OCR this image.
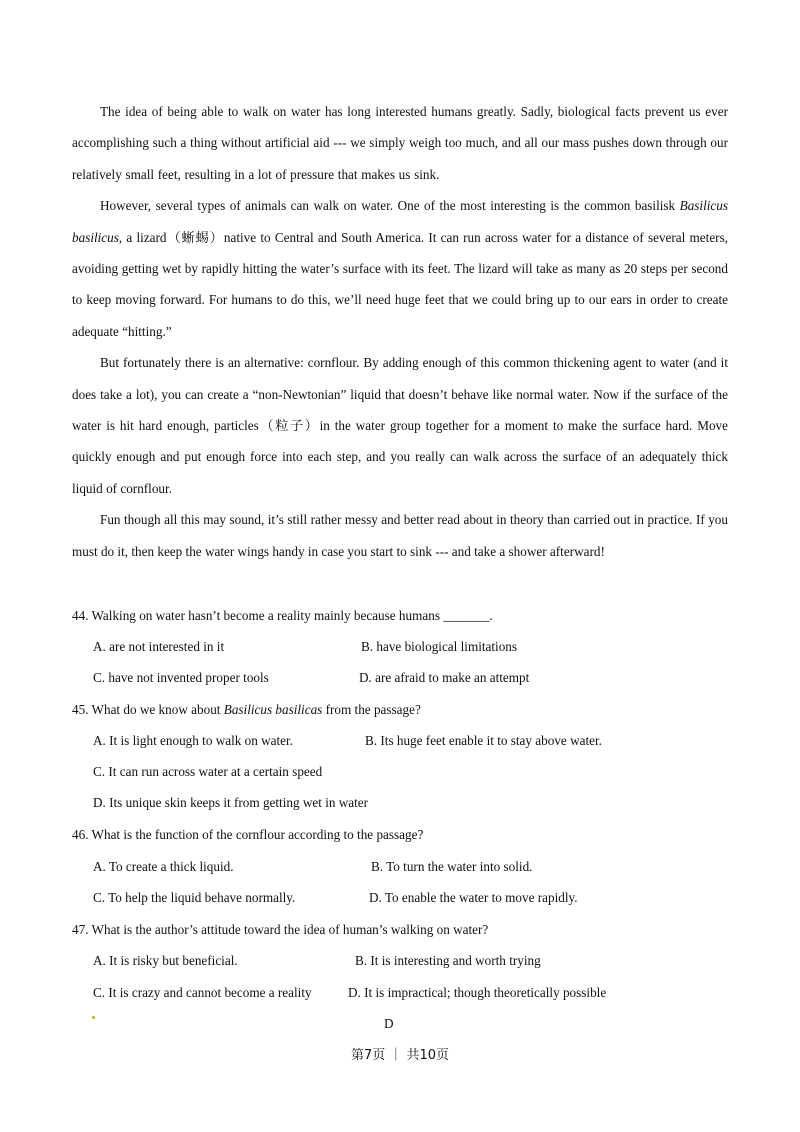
The idea of being able to walk on water has long interested humans greatly. Sadly, biological facts prevent us ever accomplishing such a thing without artificial aid --- we simply weigh too much, and all our mass pushes down through our relatively small feet, resulting in a lot of pressure that makes us sink.

However, several types of animals can walk on water. One of the most interesting is the common basilisk Basilicus basilicus, a lizard（蜥蜴）native to Central and South America. It can run across water for a distance of several meters, avoiding getting wet by rapidly hitting the water’s surface with its feet. The lizard will take as many as 20 steps per second to keep moving forward. For humans to do this, we’ll need huge feet that we could bring up to our ears in order to create adequate “hitting.”

But fortunately there is an alternative: cornflour. By adding enough of this common thickening agent to water (and it does take a lot), you can create a “non-Newtonian” liquid that doesn’t behave like normal water. Now if the surface of the water is hit hard enough, particles（粒子）in the water group together for a moment to make the surface hard. Move quickly enough and put enough force into each step, and you really can walk across the surface of an adequately thick liquid of cornflour.

Fun though all this may sound, it’s still rather messy and better read about in theory than carried out in practice. If you must do it, then keep the water wings handy in case you start to sink --- and take a shower afterward!

44. Walking on water hasn’t become a reality mainly because humans _______.
A. are not interested in it	B. have biological limitations
C. have not invented proper tools	D. are afraid to make an attempt
45. What do we know about Basilicus basilicas from the passage?
A. It is light enough to walk on water.	B. Its huge feet enable it to stay above water.
C. It can run across water at a certain speed
D. Its unique skin keeps it from getting wet in water
46. What is the function of the cornflour according to the passage?
A. To create a thick liquid.	B. To turn the water into solid.
C. To help the liquid behave normally.	D. To enable the water to move rapidly.
47. What is the author’s attitude toward the idea of human’s walking on water?
A. It is risky but beneficial.	B. It is interesting and worth trying
C. It is crazy and cannot become a reality	D. It is impractical; though theoretically possible
D
第7页 ｜ 共10页
